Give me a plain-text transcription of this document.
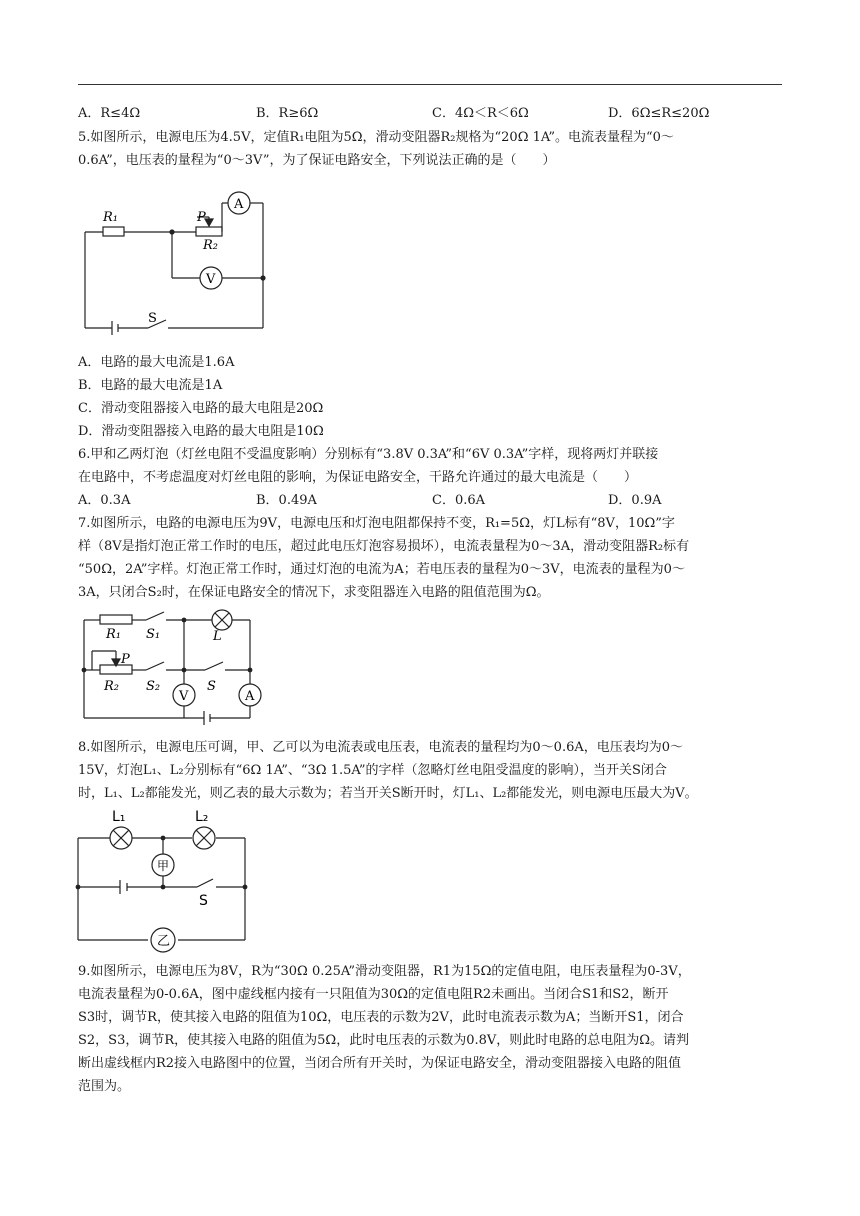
A．R≤4Ω	B．R≥6Ω	C．4Ω＜R＜6Ω	D．6Ω≤R≤20Ω
5.如图所示，电源电压为4.5V，定值R₁电阻为5Ω，滑动变阻器R₂规格为“20Ω 1A”。电流表量程为“0～
0.6A”，电压表的量程为“0～3V”，为了保证电路安全，下列说法正确的是（　　）
R₁	P
R₂
A
V
S
A．电路的最大电流是1.6A
B．电路的最大电流是1A
C．滑动变阻器接入电路的最大电阻是20Ω
D．滑动变阻器接入电路的最大电阻是10Ω
6.甲和乙两灯泡（灯丝电阻不受温度影响）分别标有“3.8V 0.3A”和“6V 0.3A”字样，现将两灯并联接
在电路中，不考虑温度对灯丝电阻的影响，为保证电路安全，干路允许通过的最大电流是（　　）
A．0.3A	B．0.49A	C．0.6A	D．0.9A
7.如图所示，电路的电源电压为9V，电源电压和灯泡电阻都保持不变，R₁=5Ω，灯L标有“8V，10Ω”字
样（8V是指灯泡正常工作时的电压，超过此电压灯泡容易损坏），电流表量程为0～3A，滑动变阻器R₂标有
“50Ω，2A”字样。灯泡正常工作时，通过灯泡的电流为A；若电压表的量程为0～3V，电流表的量程为0～
3A，只闭合S₂时，在保证电路安全的情况下，求变阻器连入电路的阻值范围为Ω。
R₁ S₁	L
P
R₂ S₂
V
S
A
8.如图所示，电源电压可调，甲、乙可以为电流表或电压表，电流表的量程均为0～0.6A，电压表均为0～
15V，灯泡L₁、L₂分别标有“6Ω 1A”、“3Ω 1.5A”的字样（忽略灯丝电阻受温度的影响），当开关S闭合
时，L₁、L₂都能发光，则乙表的最大示数为；若当开关S断开时，灯L₁、L₂都能发光，则电源电压最大为V。
L₁	L₂
甲
乙
S
9.如图所示，电源电压为8V，R为“30Ω 0.25A”滑动变阻器，R1为15Ω的定值电阻，电压表量程为0-3V，
电流表量程为0-0.6A，图中虚线框内接有一只阻值为30Ω的定值电阻R2未画出。当闭合S1和S2，断开
S3时，调节R，使其接入电路的阻值为10Ω，电压表的示数为2V，此时电流表示数为A；当断开S1，闭合
S2，S3，调节R，使其接入电路的阻值为5Ω，此时电压表的示数为0.8V，则此时电路的总电阻为Ω。请判
断出虚线框内R2接入电路图中的位置，当闭合所有开关时，为保证电路安全，滑动变阻器接入电路的阻值
范围为。
